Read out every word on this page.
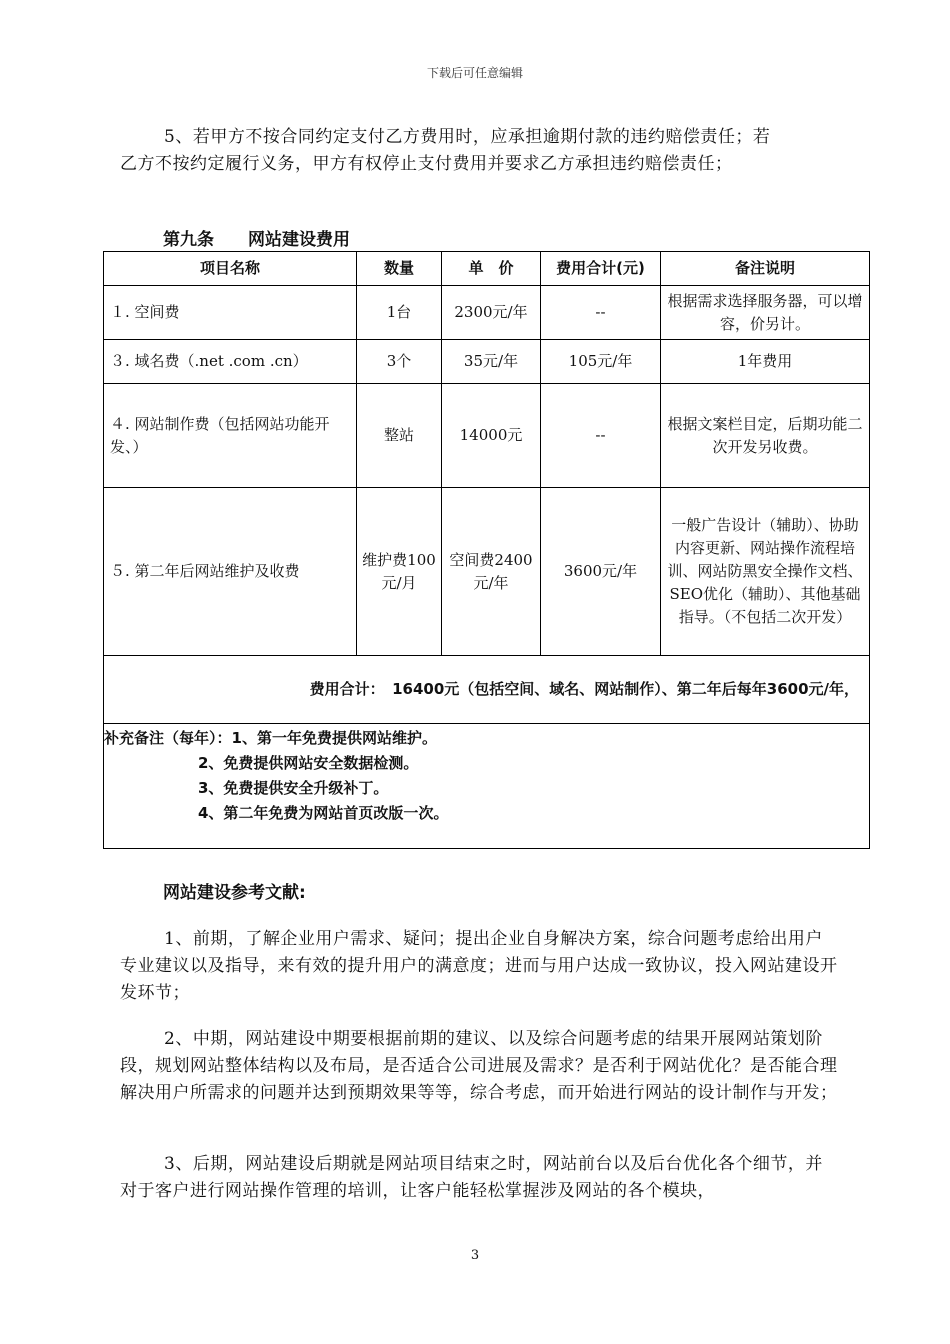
下载后可任意编辑
5、若甲方不按合同约定支付乙方费用时，应承担逾期付款的违约赔偿责任；若
乙方不按约定履行义务，甲方有权停止支付费用并要求乙方承担违约赔偿责任；
第九条　　网站建设费用
项目名称	数量	单　价	费用合计(元)	备注说明
１. 空间费	1台	2300元/年	--	根据需求选择服务器，可以增容，价另计。
３. 域名费（.net .com .cn）	3个	35元/年	105元/年	1年费用
４. 网站制作费（包括网站功能开发、）	整站	14000元	--	根据文案栏目定，后期功能二次开发另收费。
５. 第二年后网站维护及收费	维护费100元/月	空间费2400元/年	3600元/年	一般广告设计（辅助）、协助内容更新、网站操作流程培训、网站防黑安全操作文档、SEO优化（辅助）、其他基础指导。（不包括二次开发）
费用合计：　16400元（包括空间、域名、网站制作）、第二年后每年3600元/年，				

补充备注（每年）：1、第一年免费提供网站维护。
2、免费提供网站安全数据检测。
3、免费提供安全升级补丁。
4、第二年免费为网站首页改版一次。				
网站建设参考文献:
1、前期，了解企业用户需求、疑问；提出企业自身解决方案，综合问题考虑给出用户专业建议以及指导，来有效的提升用户的满意度；进而与用户达成一致协议，投入网站建设开发环节；
2、中期，网站建设中期要根据前期的建议、以及综合问题考虑的结果开展网站策划阶段，规划网站整体结构以及布局，是否适合公司进展及需求？是否利于网站优化？是否能合理解决用户所需求的问题并达到预期效果等等，综合考虑，而开始进行网站的设计制作与开发；
3、后期，网站建设后期就是网站项目结束之时，网站前台以及后台优化各个细节，并对于客户进行网站操作管理的培训，让客户能轻松掌握涉及网站的各个模块，
3
